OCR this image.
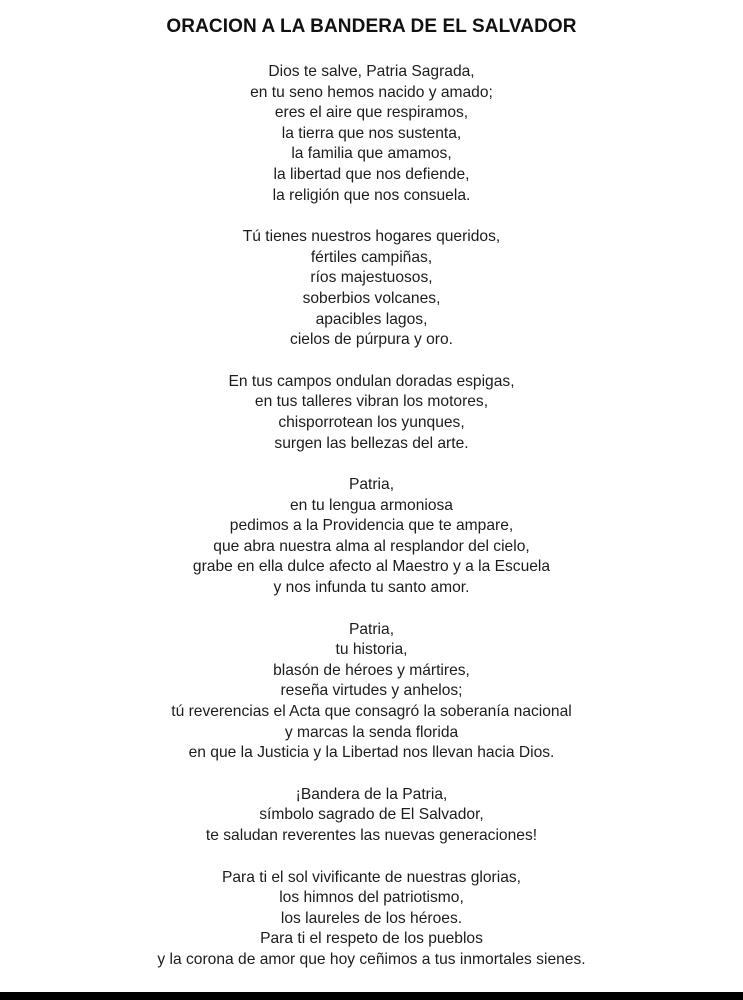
ORACION A LA BANDERA DE EL SALVADOR
Dios te salve, Patria Sagrada,
en tu seno hemos nacido y amado;
eres el aire que respiramos,
la tierra que nos sustenta,
la familia que amamos,
la libertad que nos defiende,
la religión que nos consuela.
Tú tienes nuestros hogares queridos,
fértiles campiñas,
ríos majestuosos,
soberbios volcanes,
apacibles lagos,
cielos de púrpura y oro.
En tus campos ondulan doradas espigas,
en tus talleres vibran los motores,
chisporrotean los yunques,
surgen las bellezas del arte.
Patria,
en tu lengua armoniosa
pedimos a la Providencia que te ampare,
que abra nuestra alma al resplandor del cielo,
grabe en ella dulce afecto al Maestro y a la Escuela
y nos infunda tu santo amor.
Patria,
tu historia,
blasón de héroes y mártires,
reseña virtudes y anhelos;
tú reverencias el Acta que consagró la soberanía nacional
y marcas la senda florida
en que la Justicia y la Libertad nos llevan hacia Dios.
¡Bandera de la Patria,
símbolo sagrado de El Salvador,
te saludan reverentes las nuevas generaciones!
Para ti el sol vivificante de nuestras glorias,
los himnos del patriotismo,
los laureles de los héroes.
Para ti el respeto de los pueblos
y la corona de amor que hoy ceñimos a tus inmortales sienes.
